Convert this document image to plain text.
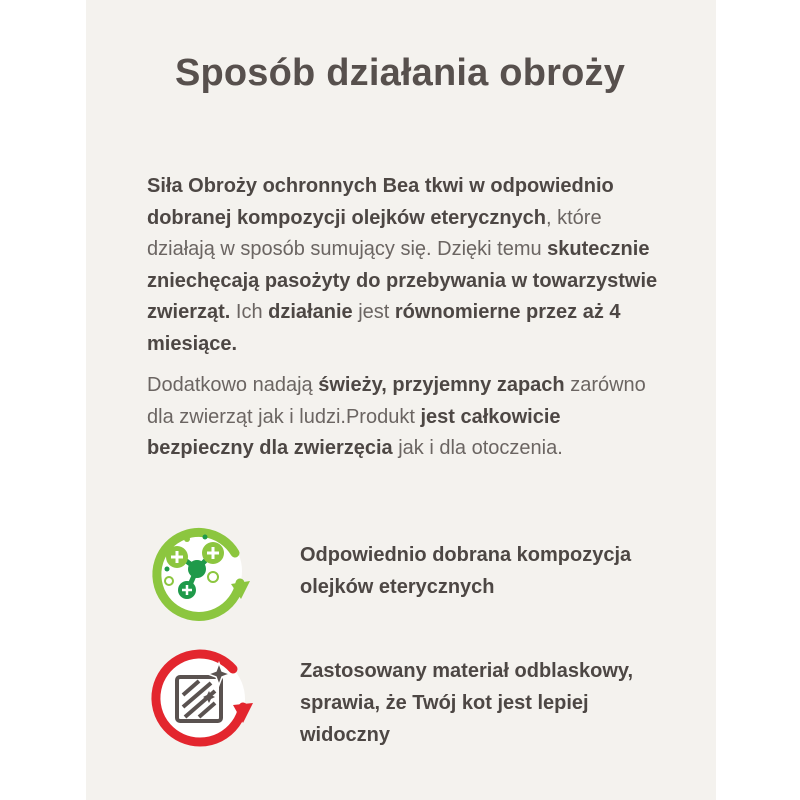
Sposób działania obroży

Siła Obroży ochronnych Bea tkwi w odpowiednio dobranej kompozycji olejków eterycznych, które działają w sposób sumujący się. Dzięki temu skutecznie zniechęcają pasożyty do przebywania w towarzystwie zwierząt. Ich działanie jest równomierne przez aż 4 miesiące.

Dodatkowo nadają świeży, przyjemny zapach zarówno dla zwierząt jak i ludzi.Produkt jest całkowicie bezpieczny dla zwierzęcia jak i dla otoczenia.

Odpowiednio dobrana kompozycja olejków eterycznych
Zastosowany materiał odblaskowy, sprawia, że Twój kot jest lepiej widoczny
